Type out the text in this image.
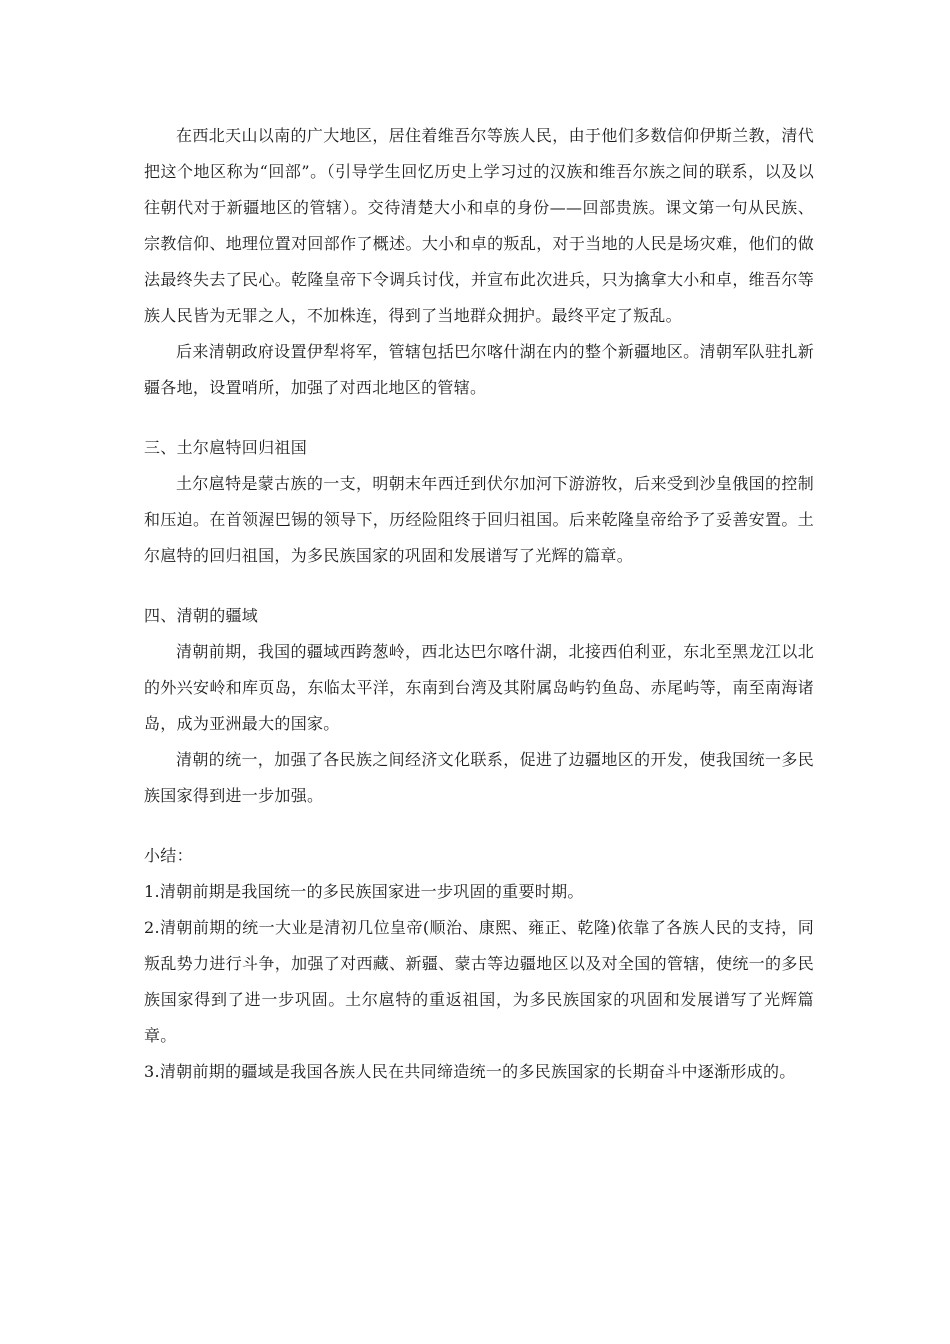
在西北天山以南的广大地区，居住着维吾尔等族人民，由于他们多数信仰伊斯兰教，清代把这个地区称为“回部”。（引导学生回忆历史上学习过的汉族和维吾尔族之间的联系，以及以往朝代对于新疆地区的管辖）。交待清楚大小和卓的身份——回部贵族。课文第一句从民族、宗教信仰、地理位置对回部作了概述。大小和卓的叛乱，对于当地的人民是场灾难，他们的做法最终失去了民心。乾隆皇帝下令调兵讨伐，并宣布此次进兵，只为擒拿大小和卓，维吾尔等族人民皆为无罪之人，不加株连，得到了当地群众拥护。最终平定了叛乱。

后来清朝政府设置伊犁将军，管辖包括巴尔喀什湖在内的整个新疆地区。清朝军队驻扎新疆各地，设置哨所，加强了对西北地区的管辖。

三、土尔扈特回归祖国

土尔扈特是蒙古族的一支，明朝末年西迁到伏尔加河下游游牧，后来受到沙皇俄国的控制和压迫。在首领渥巴锡的领导下，历经险阻终于回归祖国。后来乾隆皇帝给予了妥善安置。土尔扈特的回归祖国，为多民族国家的巩固和发展谱写了光辉的篇章。

四、清朝的疆域

清朝前期，我国的疆域西跨葱岭，西北达巴尔喀什湖，北接西伯利亚，东北至黑龙江以北的外兴安岭和库页岛，东临太平洋，东南到台湾及其附属岛屿钓鱼岛、赤尾屿等，南至南海诸岛，成为亚洲最大的国家。

清朝的统一，加强了各民族之间经济文化联系，促进了边疆地区的开发，使我国统一多民族国家得到进一步加强。

小结：

1.清朝前期是我国统一的多民族国家进一步巩固的重要时期。

2.清朝前期的统一大业是清初几位皇帝(顺治、康熙、雍正、乾隆)依靠了各族人民的支持，同叛乱势力进行斗争，加强了对西藏、新疆、蒙古等边疆地区以及对全国的管辖，使统一的多民族国家得到了进一步巩固。土尔扈特的重返祖国，为多民族国家的巩固和发展谱写了光辉篇章。

3.清朝前期的疆域是我国各族人民在共同缔造统一的多民族国家的长期奋斗中逐渐形成的。
